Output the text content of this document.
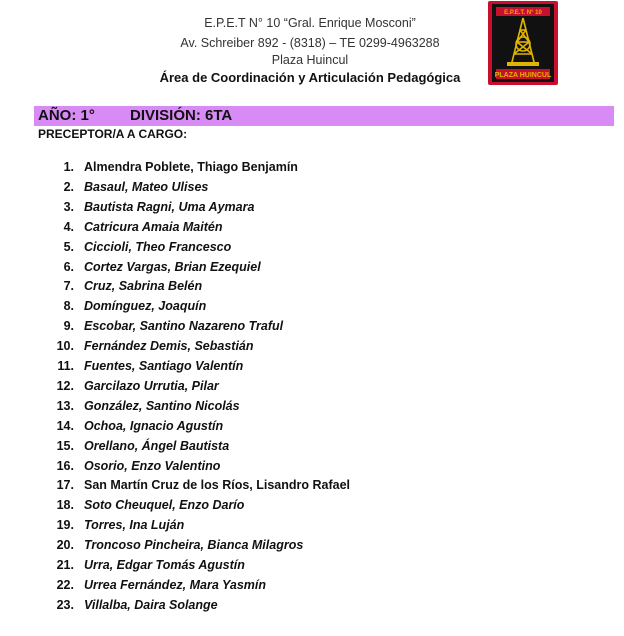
E.P.E.T N° 10 “Gral. Enrique Mosconi”
Av. Schreiber 892 - (8318) – TE 0299-4963288
Plaza Huincul
Área de Coordinación y Articulación Pedagógica
E.P.E.T. N° 10
PLAZA HUINCUL
AÑO: 1° DIVISIÓN: 6TA
PRECEPTOR/A A CARGO:
1. Almendra Poblete, Thiago Benjamín
2. Basaul, Mateo Ulises
3. Bautista Ragni, Uma Aymara
4. Catricura Amaia Maitén
5. Ciccioli, Theo Francesco
6. Cortez Vargas, Brian Ezequiel
7. Cruz, Sabrina Belén
8. Domínguez, Joaquín
9. Escobar, Santino Nazareno Traful
10. Fernández Demis, Sebastián
11. Fuentes, Santiago Valentín
12. Garcilazo Urrutia, Pilar
13. González, Santino Nicolás
14. Ochoa, Ignacio Agustín
15. Orellano, Ángel Bautista
16. Osorio, Enzo Valentino
17. San Martín Cruz de los Ríos, Lisandro Rafael
18. Soto Cheuquel, Enzo Darío
19. Torres, Ina Luján
20. Troncoso Pincheira, Bianca Milagros
21. Urra, Edgar Tomás Agustín
22. Urrea Fernández, Mara Yasmín
23. Villalba, Daira Solange
